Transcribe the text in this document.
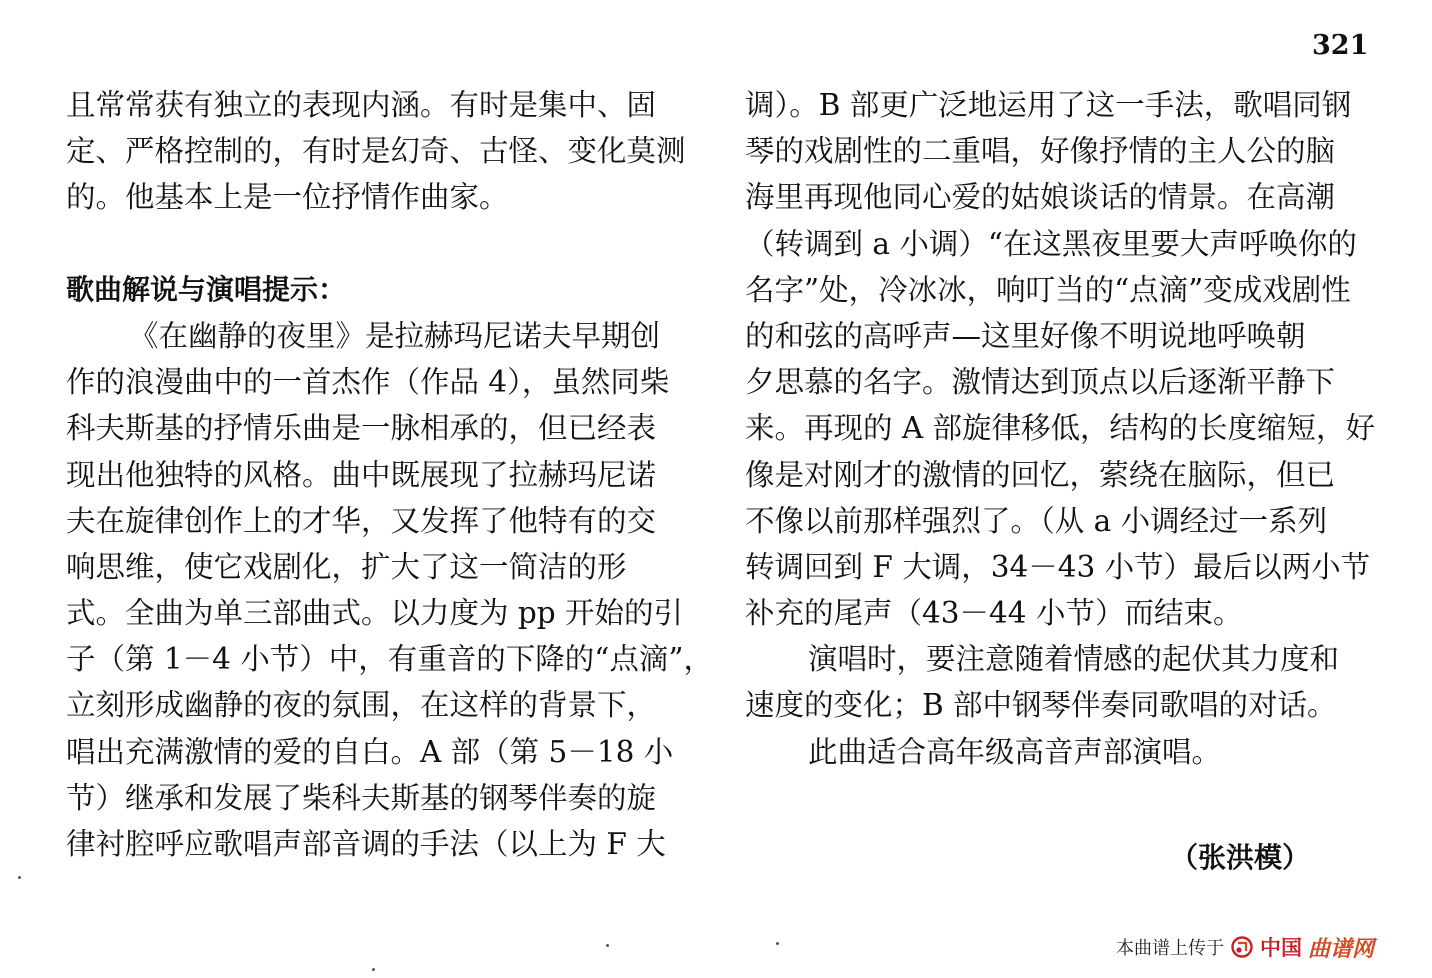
321
且常常获有独立的表现内涵。有时是集中、固
定、严格控制的，有时是幻奇、古怪、变化莫测
的。他基本上是一位抒情作曲家。
歌曲解说与演唱提示：
《在幽静的夜里》是拉赫玛尼诺夫早期创
作的浪漫曲中的一首杰作（作品 4），虽然同柴
科夫斯基的抒情乐曲是一脉相承的，但已经表
现出他独特的风格。曲中既展现了拉赫玛尼诺
夫在旋律创作上的才华，又发挥了他特有的交
响思维，使它戏剧化，扩大了这一简洁的形
式。全曲为单三部曲式。以力度为 pp 开始的引
子（第 1－4 小节）中，有重音的下降的“点滴”，
立刻形成幽静的夜的氛围，在这样的背景下，
唱出充满激情的爱的自白。A 部（第 5－18 小
节）继承和发展了柴科夫斯基的钢琴伴奏的旋
律衬腔呼应歌唱声部音调的手法（以上为 F 大
调）。B 部更广泛地运用了这一手法，歌唱同钢
琴的戏剧性的二重唱，好像抒情的主人公的脑
海里再现他同心爱的姑娘谈话的情景。在高潮
（转调到 a 小调）“在这黑夜里要大声呼唤你的
名字”处，冷冰冰，响叮当的“点滴”变成戏剧性
的和弦的高呼声—这里好像不明说地呼唤朝
夕思慕的名字。激情达到顶点以后逐渐平静下
来。再现的 A 部旋律移低，结构的长度缩短，好
像是对刚才的激情的回忆，萦绕在脑际，但已
不像以前那样强烈了。（从 a 小调经过一系列
转调回到 F 大调，34－43 小节）最后以两小节
补充的尾声（43－44 小节）而结束。
演唱时，要注意随着情感的起伏其力度和
速度的变化；B 部中钢琴伴奏同歌唱的对话。
此曲适合高年级高音声部演唱。
（张洪模）
本曲谱上传于 中国 曲谱网
